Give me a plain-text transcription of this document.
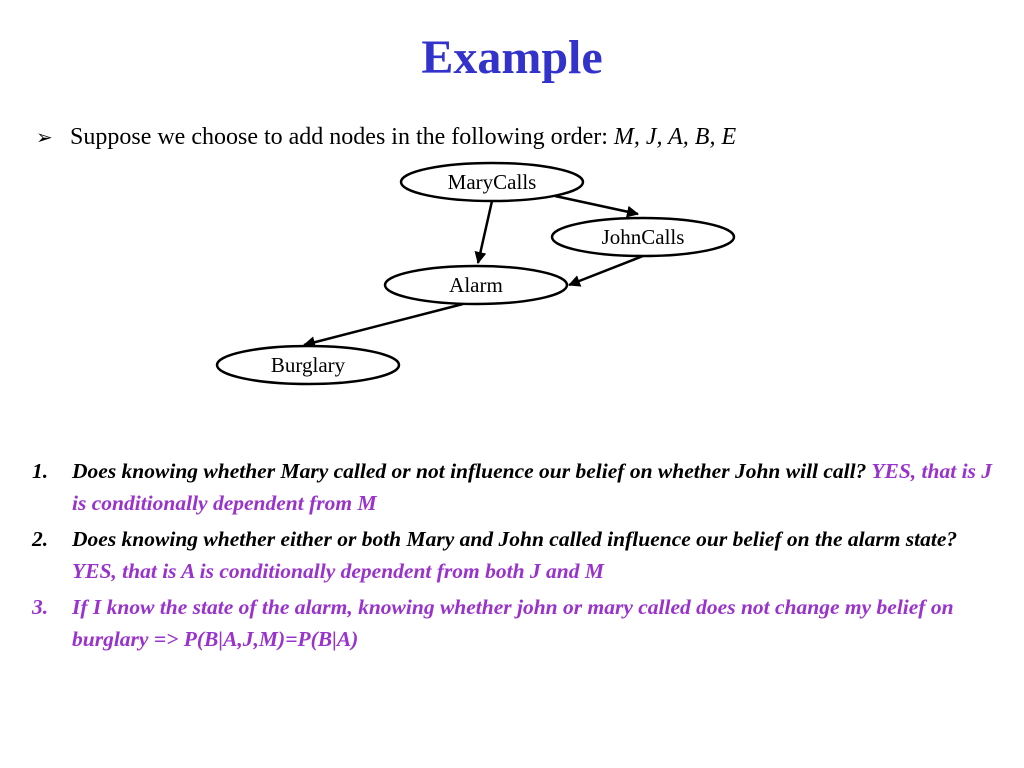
Example
➢ Suppose we choose to add nodes in the following order: M, J, A, B, E
MaryCalls
JohnCalls
Alarm
Burglary
1. Does knowing whether Mary called or not influence our belief on whether John will call? YES, that is J is conditionally dependent from M
2. Does knowing whether either or both Mary and John called influence our belief on the alarm state? YES, that is A is conditionally dependent from both J and M
3. If I know the state of the alarm, knowing whether john or mary called does not change my belief on burglary => P(B|A,J,M)=P(B|A)
